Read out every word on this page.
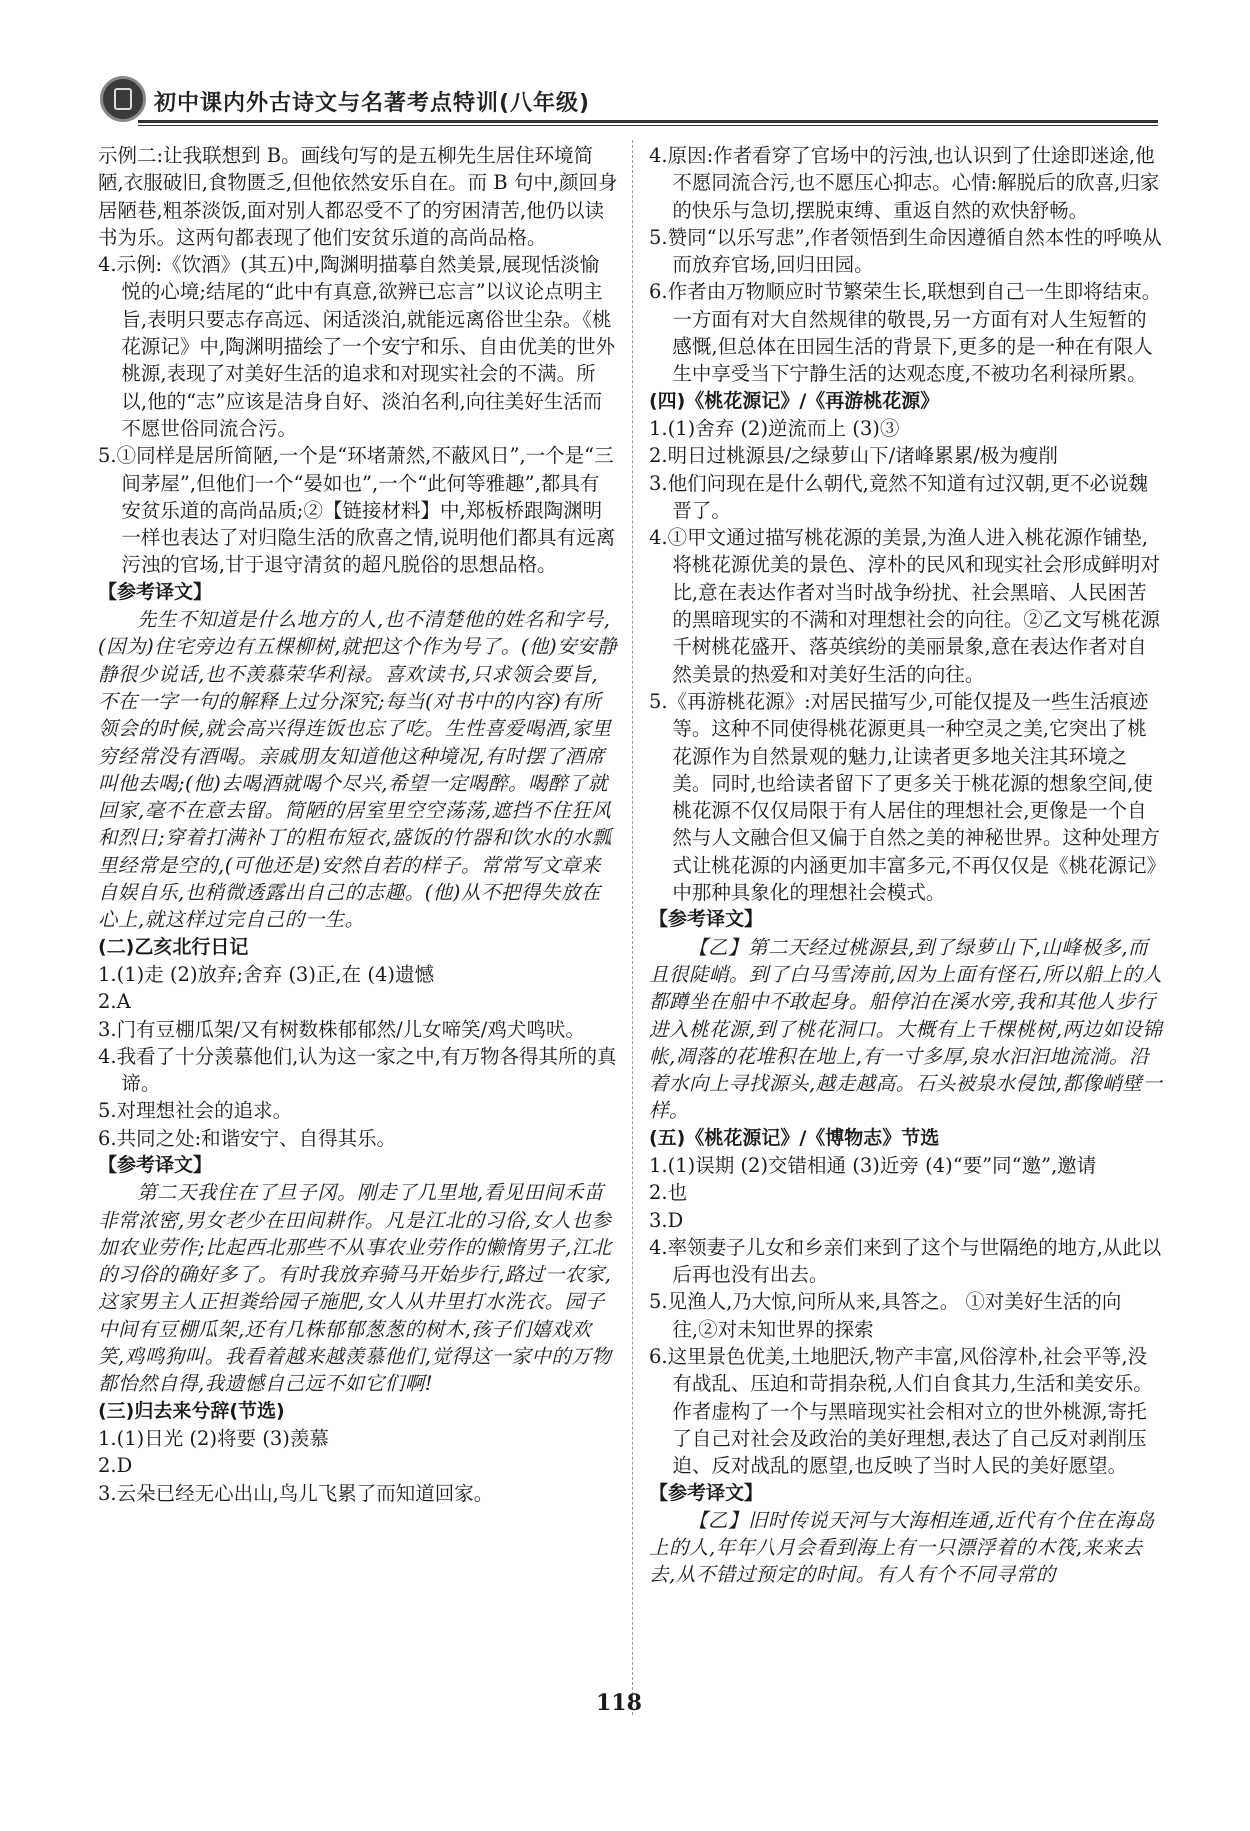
初中课内外古诗文与名著考点特训(八年级)

示例二:让我联想到 B。画线句写的是五柳先生居住环境简陋,衣服破旧,食物匮乏,但他依然安乐自在。而 B 句中,颜回身居陋巷,粗茶淡饭,面对别人都忍受不了的穷困清苦,他仍以读书为乐。这两句都表现了他们安贫乐道的高尚品格。

4.示例:《饮酒》(其五)中,陶渊明描摹自然美景,展现恬淡愉悦的心境;结尾的“此中有真意,欲辨已忘言”以议论点明主旨,表明只要志存高远、闲适淡泊,就能远离俗世尘杂。《桃花源记》中,陶渊明描绘了一个安宁和乐、自由优美的世外桃源,表现了对美好生活的追求和对现实社会的不满。所以,他的“志”应该是洁身自好、淡泊名利,向往美好生活而不愿世俗同流合污。

5.①同样是居所简陋,一个是“环堵萧然,不蔽风日”,一个是“三间茅屋”,但他们一个“晏如也”,一个“此何等雅趣”,都具有安贫乐道的高尚品质;②【链接材料】中,郑板桥跟陶渊明一样也表达了对归隐生活的欣喜之情,说明他们都具有远离污浊的官场,甘于退守清贫的超凡脱俗的思想品格。

【参考译文】

先生不知道是什么地方的人,也不清楚他的姓名和字号,(因为)住宅旁边有五棵柳树,就把这个作为号了。(他)安安静静很少说话,也不羡慕荣华利禄。喜欢读书,只求领会要旨,不在一字一句的解释上过分深究;每当(对书中的内容)有所领会的时候,就会高兴得连饭也忘了吃。生性喜爱喝酒,家里穷经常没有酒喝。亲戚朋友知道他这种境况,有时摆了酒席叫他去喝;(他)去喝酒就喝个尽兴,希望一定喝醉。喝醉了就回家,毫不在意去留。简陋的居室里空空荡荡,遮挡不住狂风和烈日;穿着打满补丁的粗布短衣,盛饭的竹器和饮水的水瓢里经常是空的,(可他还是)安然自若的样子。常常写文章来自娱自乐,也稍微透露出自己的志趣。(他)从不把得失放在心上,就这样过完自己的一生。

(二)乙亥北行日记

1.(1)走 (2)放弃;舍弃 (3)正,在 (4)遗憾

2.A

3.门有豆棚瓜架/又有树数株郁郁然/儿女啼笑/鸡犬鸣吠。

4.我看了十分羡慕他们,认为这一家之中,有万物各得其所的真谛。

5.对理想社会的追求。

6.共同之处:和谐安宁、自得其乐。

【参考译文】

第二天我住在了旦子冈。刚走了几里地,看见田间禾苗非常浓密,男女老少在田间耕作。凡是江北的习俗,女人也参加农业劳作;比起西北那些不从事农业劳作的懒惰男子,江北的习俗的确好多了。有时我放弃骑马开始步行,路过一农家,这家男主人正担粪给园子施肥,女人从井里打水洗衣。园子中间有豆棚瓜架,还有几株郁郁葱葱的树木,孩子们嬉戏欢笑,鸡鸣狗叫。我看着越来越羡慕他们,觉得这一家中的万物都怡然自得,我遗憾自己远不如它们啊!

(三)归去来兮辞(节选)

1.(1)日光 (2)将要 (3)羡慕

2.D

3.云朵已经无心出山,鸟儿飞累了而知道回家。

4.原因:作者看穿了官场中的污浊,也认识到了仕途即迷途,他不愿同流合污,也不愿压心抑志。心情:解脱后的欣喜,归家的快乐与急切,摆脱束缚、重返自然的欢快舒畅。

5.赞同“以乐写悲”,作者领悟到生命因遵循自然本性的呼唤从而放弃官场,回归田园。

6.作者由万物顺应时节繁荣生长,联想到自己一生即将结束。一方面有对大自然规律的敬畏,另一方面有对人生短暂的感慨,但总体在田园生活的背景下,更多的是一种在有限人生中享受当下宁静生活的达观态度,不被功名利禄所累。

(四)《桃花源记》/《再游桃花源》

1.(1)舍弃 (2)逆流而上 (3)③

2.明日过桃源县/之绿萝山下/诸峰累累/极为瘦削

3.他们问现在是什么朝代,竟然不知道有过汉朝,更不必说魏晋了。

4.①甲文通过描写桃花源的美景,为渔人进入桃花源作铺垫,将桃花源优美的景色、淳朴的民风和现实社会形成鲜明对比,意在表达作者对当时战争纷扰、社会黑暗、人民困苦的黑暗现实的不满和对理想社会的向往。②乙文写桃花源千树桃花盛开、落英缤纷的美丽景象,意在表达作者对自然美景的热爱和对美好生活的向往。

5.《再游桃花源》:对居民描写少,可能仅提及一些生活痕迹等。这种不同使得桃花源更具一种空灵之美,它突出了桃花源作为自然景观的魅力,让读者更多地关注其环境之美。同时,也给读者留下了更多关于桃花源的想象空间,使桃花源不仅仅局限于有人居住的理想社会,更像是一个自然与人文融合但又偏于自然之美的神秘世界。这种处理方式让桃花源的内涵更加丰富多元,不再仅仅是《桃花源记》中那种具象化的理想社会模式。

【参考译文】

【乙】第二天经过桃源县,到了绿萝山下,山峰极多,而且很陡峭。到了白马雪涛前,因为上面有怪石,所以船上的人都蹲坐在船中不敢起身。船停泊在溪水旁,我和其他人步行进入桃花源,到了桃花洞口。大概有上千棵桃树,两边如设锦帐,凋落的花堆积在地上,有一寸多厚,泉水汩汩地流淌。沿着水向上寻找源头,越走越高。石头被泉水侵蚀,都像峭壁一样。

(五)《桃花源记》/《博物志》节选

1.(1)误期 (2)交错相通 (3)近旁 (4)“要”同“邀”,邀请

2.也

3.D

4.率领妻子儿女和乡亲们来到了这个与世隔绝的地方,从此以后再也没有出去。

5.见渔人,乃大惊,问所从来,具答之。 ①对美好生活的向往,②对未知世界的探索

6.这里景色优美,土地肥沃,物产丰富,风俗淳朴,社会平等,没有战乱、压迫和苛捐杂税,人们自食其力,生活和美安乐。作者虚构了一个与黑暗现实社会相对立的世外桃源,寄托了自己对社会及政治的美好理想,表达了自己反对剥削压迫、反对战乱的愿望,也反映了当时人民的美好愿望。

【参考译文】

【乙】旧时传说天河与大海相连通,近代有个住在海岛上的人,年年八月会看到海上有一只漂浮着的木筏,来来去去,从不错过预定的时间。有人有个不同寻常的

118
